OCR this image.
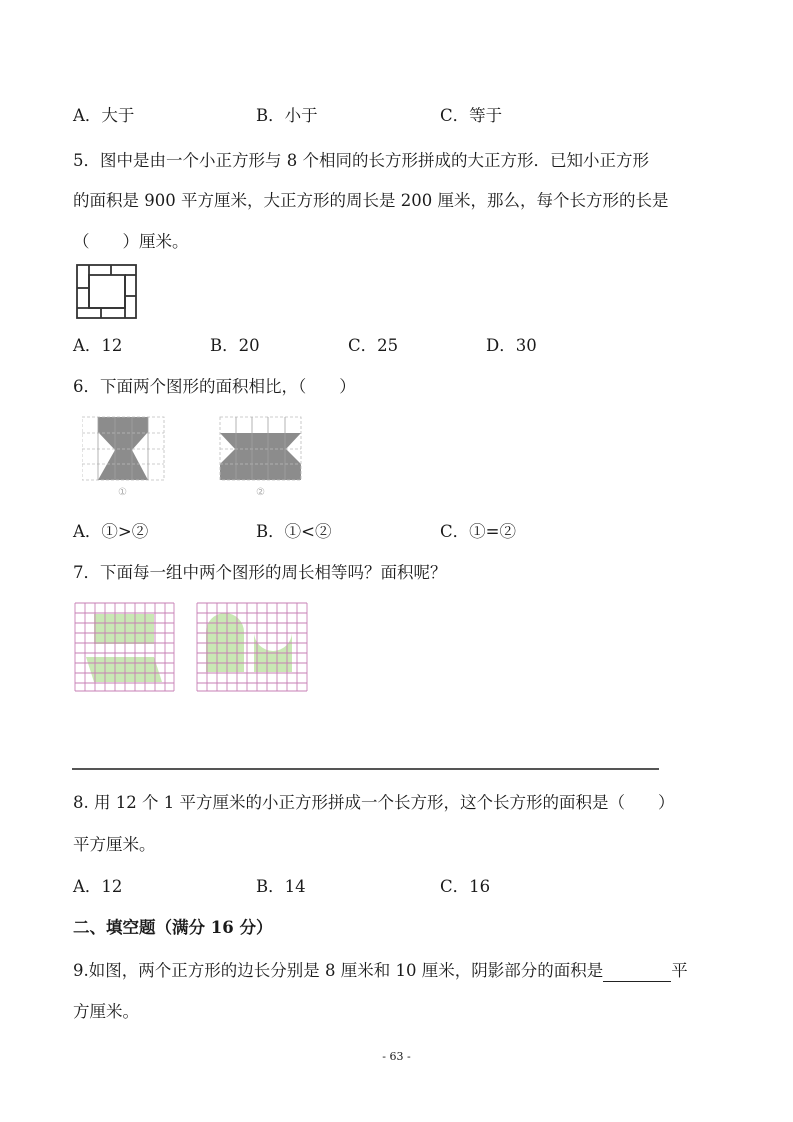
A．大于	B．小于	C．等于
5．图中是由一个小正方形与 8 个相同的长方形拼成的大正方形．已知小正方形
的面积是 900 平方厘米，大正方形的周长是 200 厘米，那么，每个长方形的长是
（　　）厘米。
A．12	B．20	C．25	D．30
6．下面两个图形的面积相比，（　　）
①	②
A．①>②	B．①<②	C．①=②
7．下面每一组中两个图形的周长相等吗？面积呢？
8. 用 12 个 1 平方厘米的小正方形拼成一个长方形，这个长方形的面积是（　　）
平方厘米。
A．12	B．14	C．16
二、填空题（满分 16 分）
9.如图，两个正方形的边长分别是 8 厘米和 10 厘米，阴影部分的面积是	平
方厘米。
- 63 -
